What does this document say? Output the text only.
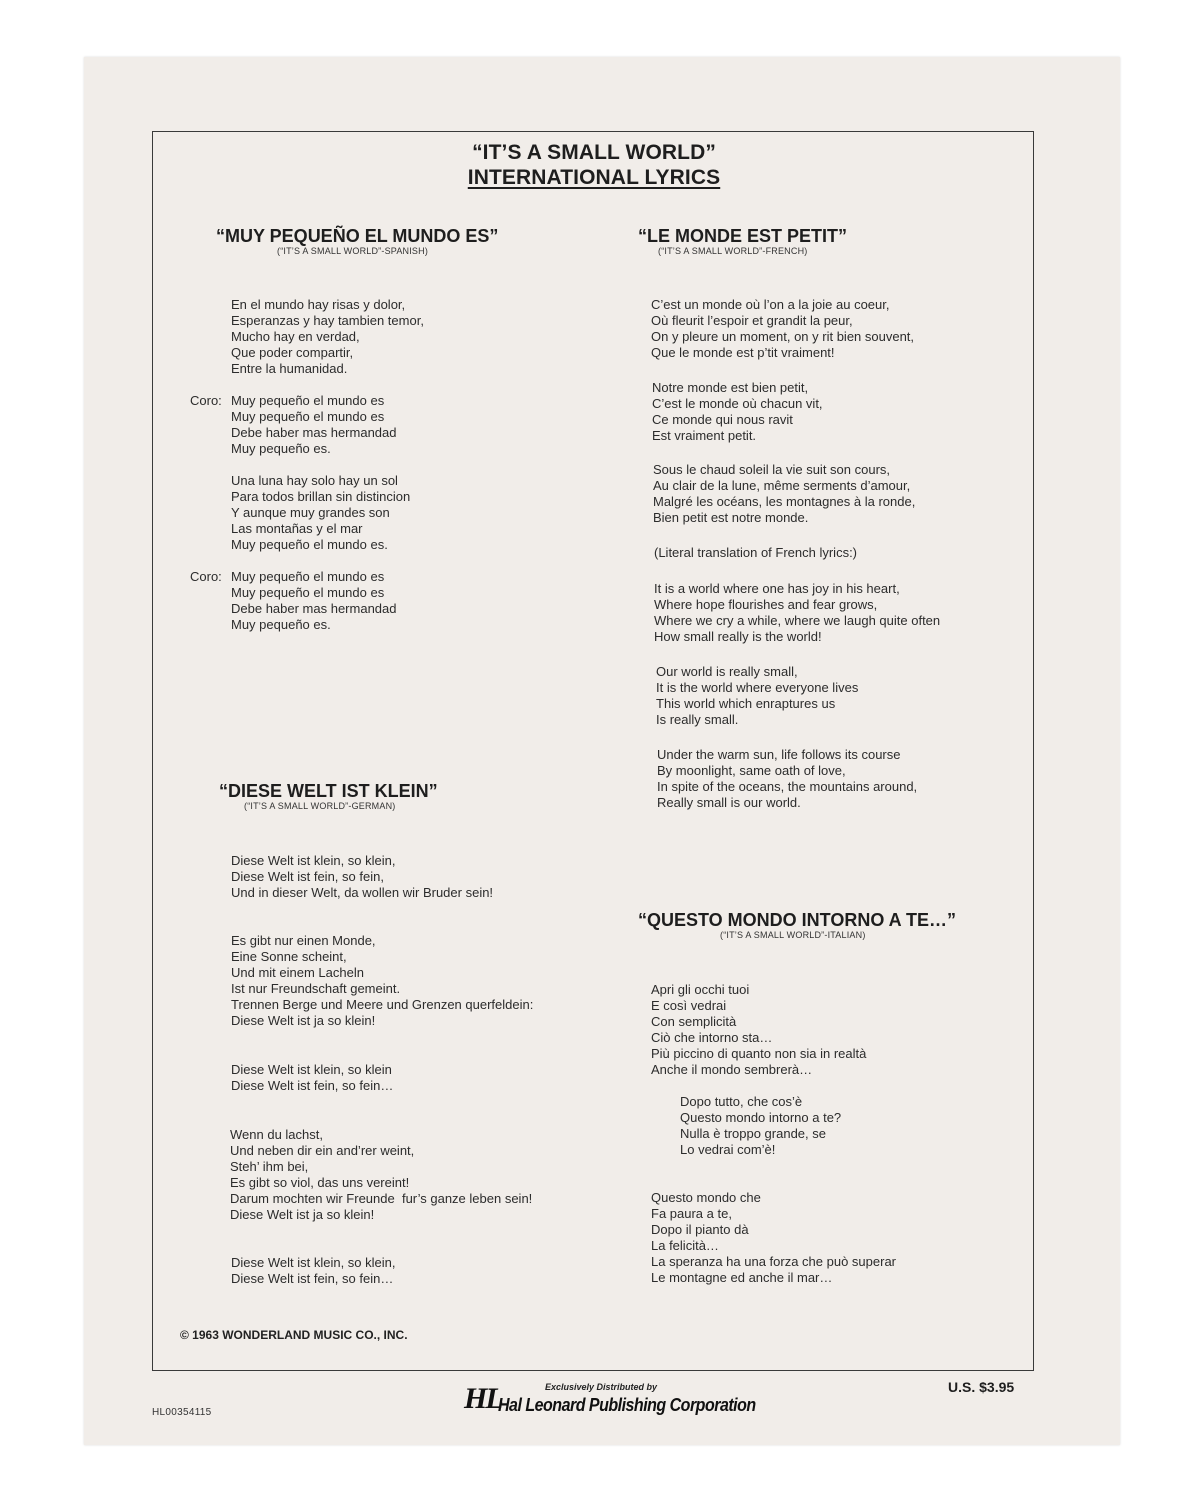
“IT’S A SMALL WORLD”
INTERNATIONAL LYRICS
“MUY PEQUEÑO EL MUNDO ES”
(“IT’S A SMALL WORLD”-SPANISH)
En el mundo hay risas y dolor,
Esperanzas y hay tambien temor,
Mucho hay en verdad,
Que poder compartir,
Entre la humanidad.
Coro: Muy pequeño el mundo es
Muy pequeño el mundo es
Debe haber mas hermandad
Muy pequeño es.
Una luna hay solo hay un sol
Para todos brillan sin distincion
Y aunque muy grandes son
Las montañas y el mar
Muy pequeño el mundo es.
Coro: Muy pequeño el mundo es
Muy pequeño el mundo es
Debe haber mas hermandad
Muy pequeño es.
“LE MONDE EST PETIT”
(“IT’S A SMALL WORLD”-FRENCH)
C’est un monde où l’on a la joie au coeur,
Où fleurit l’espoir et grandit la peur,
On y pleure un moment, on y rit bien souvent,
Que le monde est p’tit vraiment!
Notre monde est bien petit,
C’est le monde où chacun vit,
Ce monde qui nous ravit
Est vraiment petit.
Sous le chaud soleil la vie suit son cours,
Au clair de la lune, même serments d’amour,
Malgré les océans, les montagnes à la ronde,
Bien petit est notre monde.
(Literal translation of French lyrics:)
It is a world where one has joy in his heart,
Where hope flourishes and fear grows,
Where we cry a while, where we laugh quite often
How small really is the world!
Our world is really small,
It is the world where everyone lives
This world which enraptures us
Is really small.
Under the warm sun, life follows its course
By moonlight, same oath of love,
In spite of the oceans, the mountains around,
Really small is our world.
“DIESE WELT IST KLEIN”
(“IT’S A SMALL WORLD”-GERMAN)
Diese Welt ist klein, so klein,
Diese Welt ist fein, so fein,
Und in dieser Welt, da wollen wir Bruder sein!
Es gibt nur einen Monde,
Eine Sonne scheint,
Und mit einem Lacheln
Ist nur Freundschaft gemeint.
Trennen Berge und Meere und Grenzen querfeldein:
Diese Welt ist ja so klein!
Diese Welt ist klein, so klein
Diese Welt ist fein, so fein…
Wenn du lachst,
Und neben dir ein and’rer weint,
Steh’ ihm bei,
Es gibt so viol, das uns vereint!
Darum mochten wir Freunde  fur’s ganze leben sein!
Diese Welt ist ja so klein!
Diese Welt ist klein, so klein,
Diese Welt ist fein, so fein…
“QUESTO MONDO INTORNO A TE…”
(“IT’S A SMALL WORLD”-ITALIAN)
Apri gli occhi tuoi
E così vedrai
Con semplicità
Ciò che intorno sta…
Più piccino di quanto non sia in realtà
Anche il mondo sembrerà…
Dopo tutto, che cos’è
Questo mondo intorno a te?
Nulla è troppo grande, se
Lo vedrai com’è!
Questo mondo che
Fa paura a te,
Dopo il pianto dà
La felicità…
La speranza ha una forza che può superar
Le montagne ed anche il mar…
© 1963 WONDERLAND MUSIC CO., INC.
Exclusively Distributed by
HL
Hal Leonard Publishing Corporation
U.S. $3.95
HL00354115
